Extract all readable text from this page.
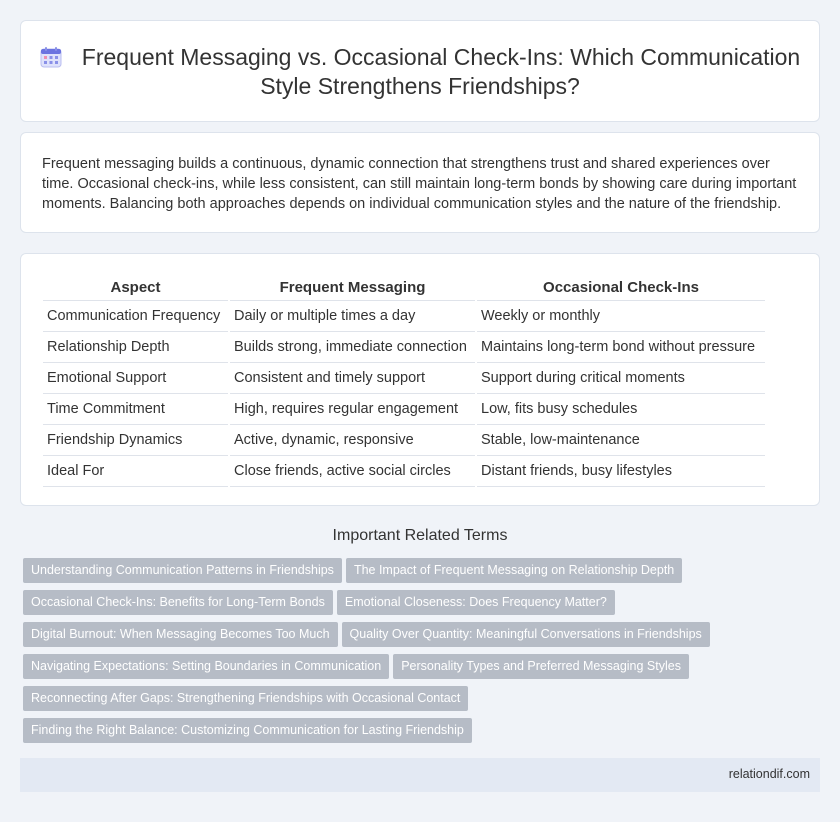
Frequent Messaging vs. Occasional Check-Ins: Which Communication Style Strengthens Friendships?

Frequent messaging builds a continuous, dynamic connection that strengthens trust and shared experiences over time. Occasional check-ins, while less consistent, can still maintain long-term bonds by showing care during important moments. Balancing both approaches depends on individual communication styles and the nature of the friendship.

Aspect	Frequent Messaging	Occasional Check-Ins
Communication Frequency	Daily or multiple times a day	Weekly or monthly
Relationship Depth	Builds strong, immediate connection	Maintains long-term bond without pressure
Emotional Support	Consistent and timely support	Support during critical moments
Time Commitment	High, requires regular engagement	Low, fits busy schedules
Friendship Dynamics	Active, dynamic, responsive	Stable, low-maintenance
Ideal For	Close friends, active social circles	Distant friends, busy lifestyles
Important Related Terms
Understanding Communication Patterns in Friendships The Impact of Frequent Messaging on Relationship Depth
Occasional Check-Ins: Benefits for Long-Term Bonds Emotional Closeness: Does Frequency Matter?
Digital Burnout: When Messaging Becomes Too Much Quality Over Quantity: Meaningful Conversations in Friendships
Navigating Expectations: Setting Boundaries in Communication Personality Types and Preferred Messaging Styles
Reconnecting After Gaps: Strengthening Friendships with Occasional Contact
Finding the Right Balance: Customizing Communication for Lasting Friendship
relationdif.com
